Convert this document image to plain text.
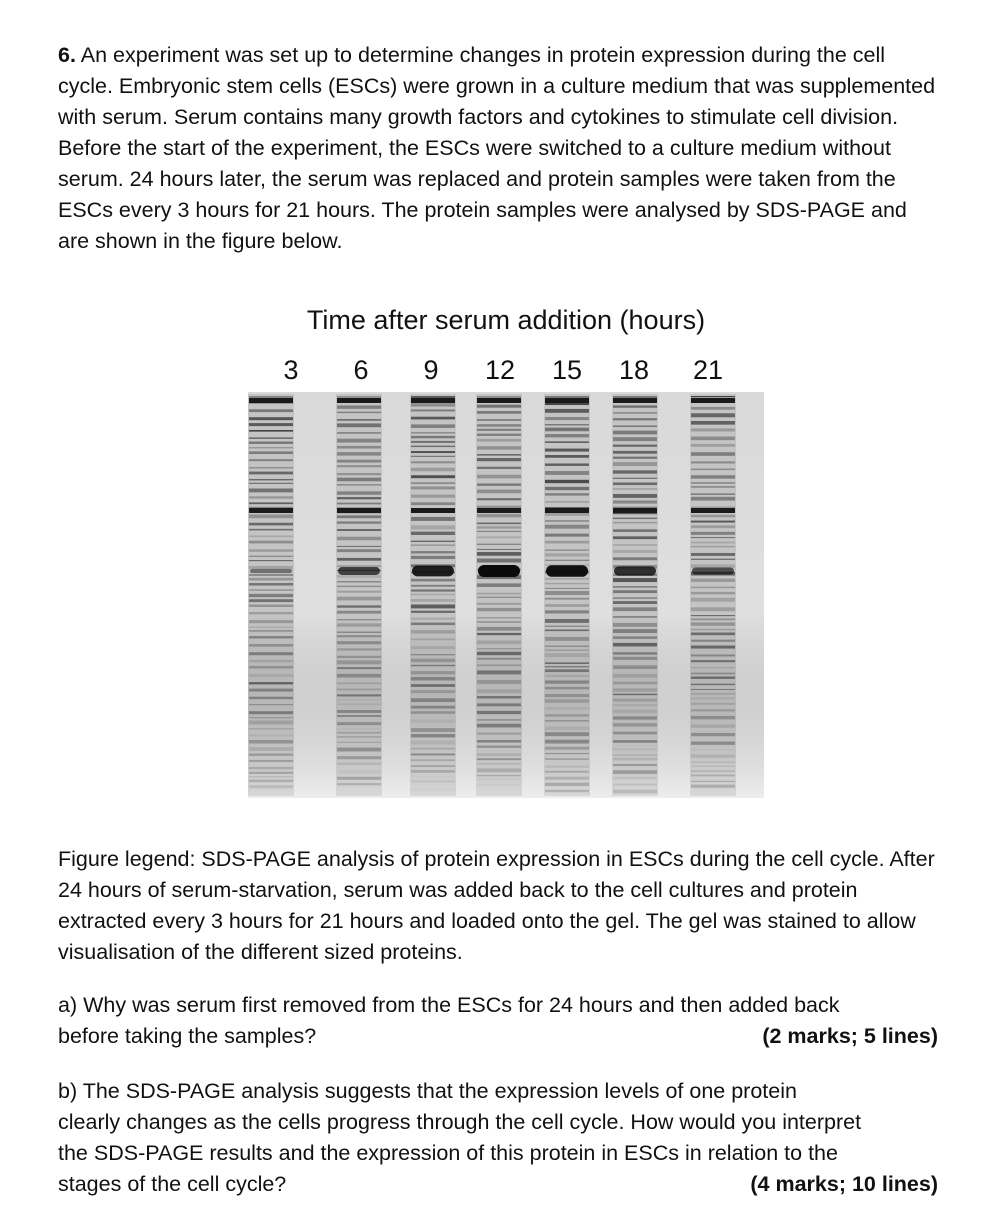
6. An experiment was set up to determine changes in protein expression during the cell cycle. Embryonic stem cells (ESCs) were grown in a culture medium that was supplemented with serum. Serum contains many growth factors and cytokines to stimulate cell division. Before the start of the experiment, the ESCs were switched to a culture medium without serum. 24 hours later, the serum was replaced and protein samples were taken from the ESCs every 3 hours for 21 hours. The protein samples were analysed by SDS-PAGE and are shown in the figure below.

Time after serum addition (hours)
3 6 9 12 15 18 21

Figure legend: SDS-PAGE analysis of protein expression in ESCs during the cell cycle. After 24 hours of serum-starvation, serum was added back to the cell cultures and protein extracted every 3 hours for 21 hours and loaded onto the gel. The gel was stained to allow visualisation of the different sized proteins.

a) Why was serum first removed from the ESCs for 24 hours and then added back
before taking the samples?	(2 marks; 5 lines)
b) The SDS-PAGE analysis suggests that the expression levels of one protein
clearly changes as the cells progress through the cell cycle. How would you interpret
the SDS-PAGE results and the expression of this protein in ESCs in relation to the
stages of the cell cycle?	(4 marks; 10 lines)
